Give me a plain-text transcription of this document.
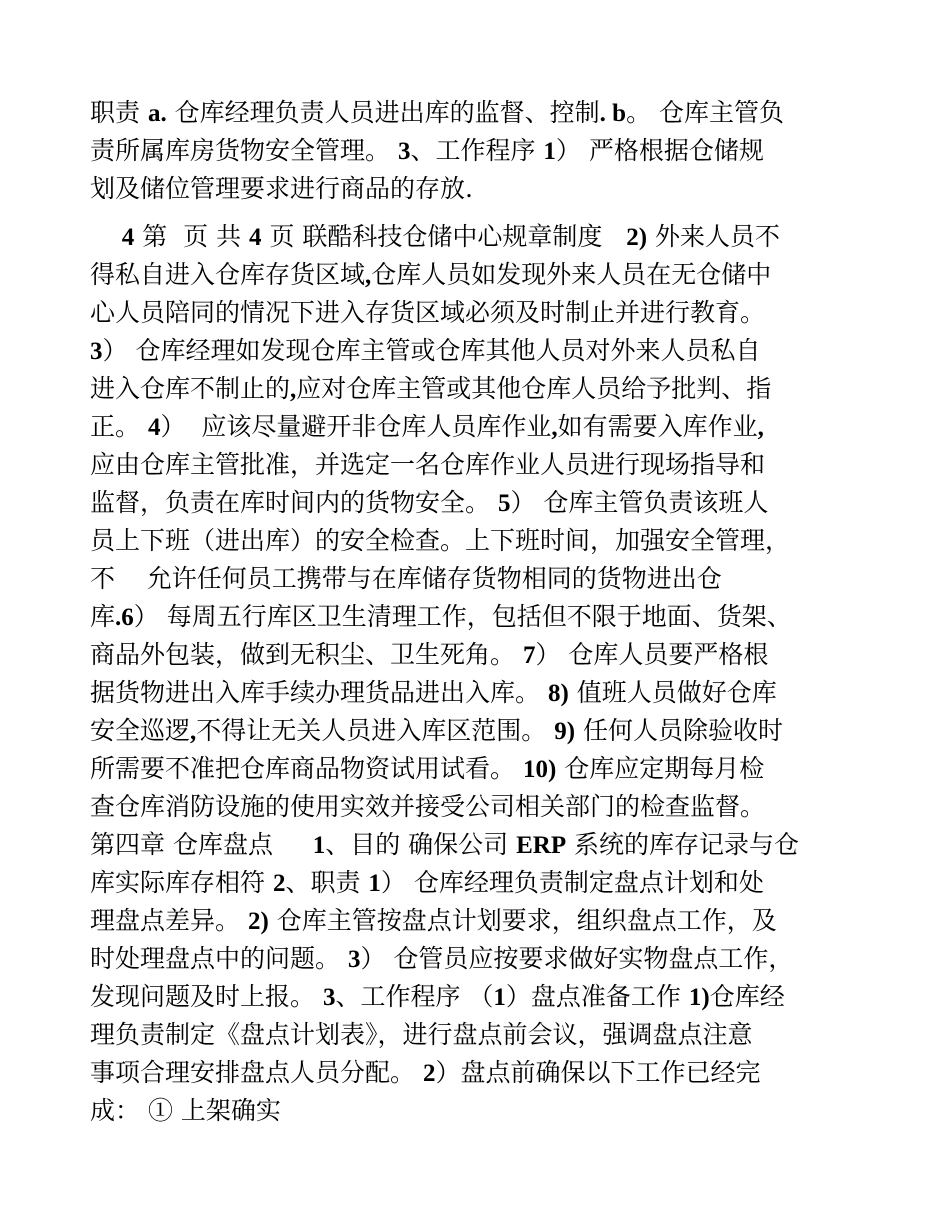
职责 a. 仓库经理负责人员进出库的监督、控制. b。 仓库主管负
责所属库房货物安全管理。 3、工作程序 1） 严格根据仓储规
划及储位管理要求进行商品的存放.
4 第  页 共 4 页 联酷科技仓储中心规章制度   2) 外来人员不
得私自进入仓库存货区域,仓库人员如发现外来人员在无仓储中
心人员陪同的情况下进入存货区域必须及时制止并进行教育。
3） 仓库经理如发现仓库主管或仓库其他人员对外来人员私自
进入仓库不制止的,应对仓库主管或其他仓库人员给予批判、指
正。 4）  应该尽量避开非仓库人员库作业,如有需要入库作业,
应由仓库主管批准，并选定一名仓库作业人员进行现场指导和
监督，负责在库时间内的货物安全。 5） 仓库主管负责该班人
员上下班（进出库）的安全检查。上下班时间，加强安全管理，
不    允许任何员工携带与在库储存货物相同的货物进出仓
库.6） 每周五行库区卫生清理工作，包括但不限于地面、货架、
商品外包装，做到无积尘、卫生死角。 7） 仓库人员要严格根
据货物进出入库手续办理货品进出入库。 8) 值班人员做好仓库
安全巡逻,不得让无关人员进入库区范围。 9) 任何人员除验收时
所需要不准把仓库商品物资试用试看。 10) 仓库应定期每月检
查仓库消防设施的使用实效并接受公司相关部门的检查监督。
第四章 仓库盘点     1、目的 确保公司 ERP 系统的库存记录与仓
库实际库存相符 2、职责 1） 仓库经理负责制定盘点计划和处
理盘点差异。 2) 仓库主管按盘点计划要求，组织盘点工作，及
时处理盘点中的问题。 3） 仓管员应按要求做好实物盘点工作，
发现问题及时上报。 3、工作程序 （1）盘点准备工作 1)仓库经
理负责制定《盘点计划表》，进行盘点前会议，强调盘点注意
事项合理安排盘点人员分配。 2）盘点前确保以下工作已经完
成： ① 上架确实
